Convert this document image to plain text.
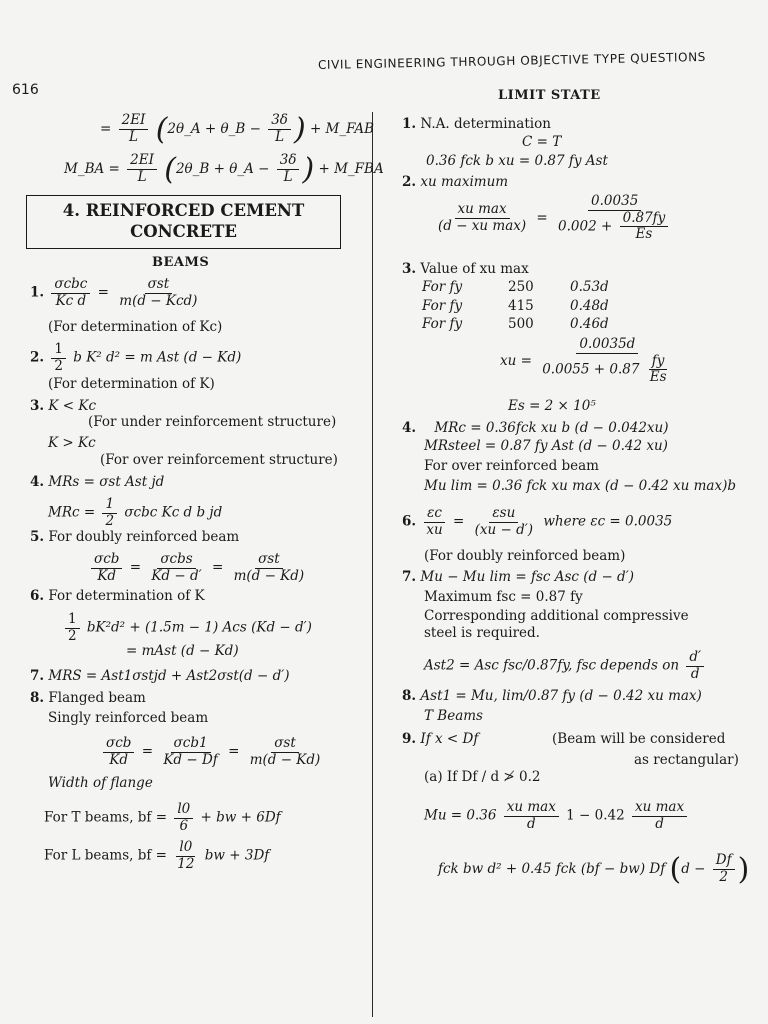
616
CIVIL ENGINEERING THROUGH OBJECTIVE TYPE QUESTIONS
= $\frac{2EI}{L}$ (2θ_A + θ_B − $\frac{3\delta}{L}$ ) + M_FAB
M_BA = $\frac{2EI}{L}$ (2θ_B + θ_A − $\frac{3\delta}{L}$ ) + M_FBA
4. REINFORCED CEMENT
CONCRETE
BEAMS
1. $\frac{\text{σcbc}}{\text{Kc d}} = \frac{\text{σst}}{\text{m(d − Kcd)}}$
(For determination of Kc)
2. $\frac{1}{2}$ b K² d² = m Ast (d − Kd)
(For determination of K)
3. K < Kc
(For under reinforcement structure)
K > Kc
(For over reinforcement structure)
4. MRs = σst Ast jd
MRc = $\frac{1}{2}$ σcbc Kc d b jd
5. For doubly reinforced beam
$\frac{\text{σcb}}{Kd} = \frac{\text{σcbs}}{Kd - d'} = \frac{\text{σst}}{m(d - Kd)}$
6. For determination of K
$\frac{1}{2} bK^2d^2 + (1.5m - 1)$ Acs (Kd − d′)
= mAst (d − Kd)
7. MRS = Ast1σstjd + Ast2σst(d − d′)
8. Flanged beam
Singly reinforced beam
$\frac{\text{σcb}}{Kd} = \frac{\text{σcb1}}{Kd - Df} = \frac{\text{σst}}{m(d - Kd)}$
Width of flange
For T beams, bf = $\frac{l0}{6}$ + bw + 6Df
For L beams, bf = $\frac{l0}{12}$ bw + 3Df
LIMIT STATE
1. N.A. determination
C = T
0.36 fck b xu = 0.87 fy Ast
2. xu maximum
$\frac{\text{xu max}}{\text{(d − xu max)}} = \frac{0.0035}{0.002 + \frac{0.87fy}{Es}}$
3. Value of xu max
For fy	250	0.53d
For fy	415	0.48d
For fy	500	0.46d
xu = $\frac{0.0035d}{0.0055 + 0.87 \frac{fy}{Es}}$
Es = 2 × 10⁵
4. MRc = 0.36fck xu b (d − 0.042xu)
MRsteel = 0.87 fy Ast (d − 0.42 xu)
For over reinforced beam
Mu lim = 0.36 fck xu max (d − 0.42 xu max)b
6. $\frac{\varepsilon c}{xu} = \frac{\text{εsu}}{(xu - d')}$ where εc = 0.0035
(For doubly reinforced beam)
7. Mu − Mu lim = fsc Asc (d − d′)
Maximum fsc = 0.87 fy
Corresponding additional compressive
steel is required.
Ast2 = Asc fsc/0.87fy, fsc depends on $\frac{d'}{d}$
8. Ast1 = Mu, lim/0.87 fy (d − 0.42 xu max)
T Beams
9. If x < Df	(Beam will be considered
as rectangular)
(a) If Df / d ≯ 0.2
$Mu = 0.36 \frac{\text{xu max}}{d} 1 - 0.42 \frac{\text{xu max}}{d}$
fck bw d² + 0.45 fck (bf − bw) Df ($d - \frac{Df}{2}$ )
